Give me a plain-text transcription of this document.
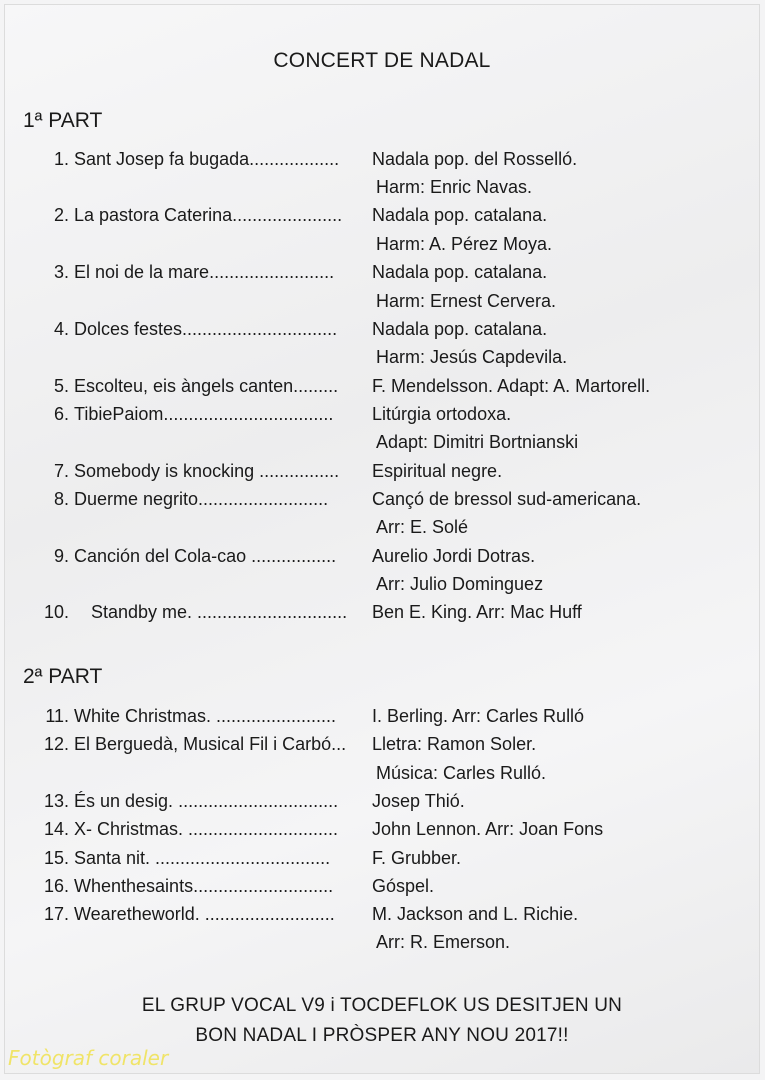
CONCERT DE NADAL
1ª PART
1. Sant Josep fa bugada.................. Nadala pop. del Rosselló.
Harm: Enric Navas.
2. La pastora Caterina...................... Nadala pop. catalana.
Harm: A. Pérez Moya.
3. El noi de la mare......................... Nadala pop. catalana.
Harm: Ernest Cervera.
4. Dolces festes............................... Nadala pop. catalana.
Harm: Jesús Capdevila.
5. Escolteu, eis àngels canten......... F. Mendelsson. Adapt: A. Martorell.
6. TibiePaiom.................................. Litúrgia ortodoxa.
Adapt: Dimitri Bortnianski
7. Somebody is knocking ................ Espiritual negre.
8. Duerme negrito.......................... Cançó de bressol sud-americana.
Arr: E. Solé
9. Canción del Cola-cao ................. Aurelio Jordi Dotras.
Arr: Julio Dominguez
10. Standby me. .............................. Ben E. King. Arr: Mac Huff
2ª PART
11. White Christmas. ........................ I. Berling. Arr: Carles Rulló
12. El Berguedà, Musical Fil i Carbó... Lletra: Ramon Soler.
Música: Carles Rulló.
13. És un desig. ................................ Josep Thió.
14. X- Christmas. .............................. John Lennon. Arr: Joan Fons
15. Santa nit. ................................... F. Grubber.
16. Whenthesaints............................ Góspel.
17. Wearetheworld. .......................... M. Jackson and L. Richie.
Arr: R. Emerson.
EL GRUP VOCAL V9 i TOCDEFLOK US DESITJEN UN
BON NADAL I PRÒSPER ANY NOU 2017!!
Fotògraf coraler
